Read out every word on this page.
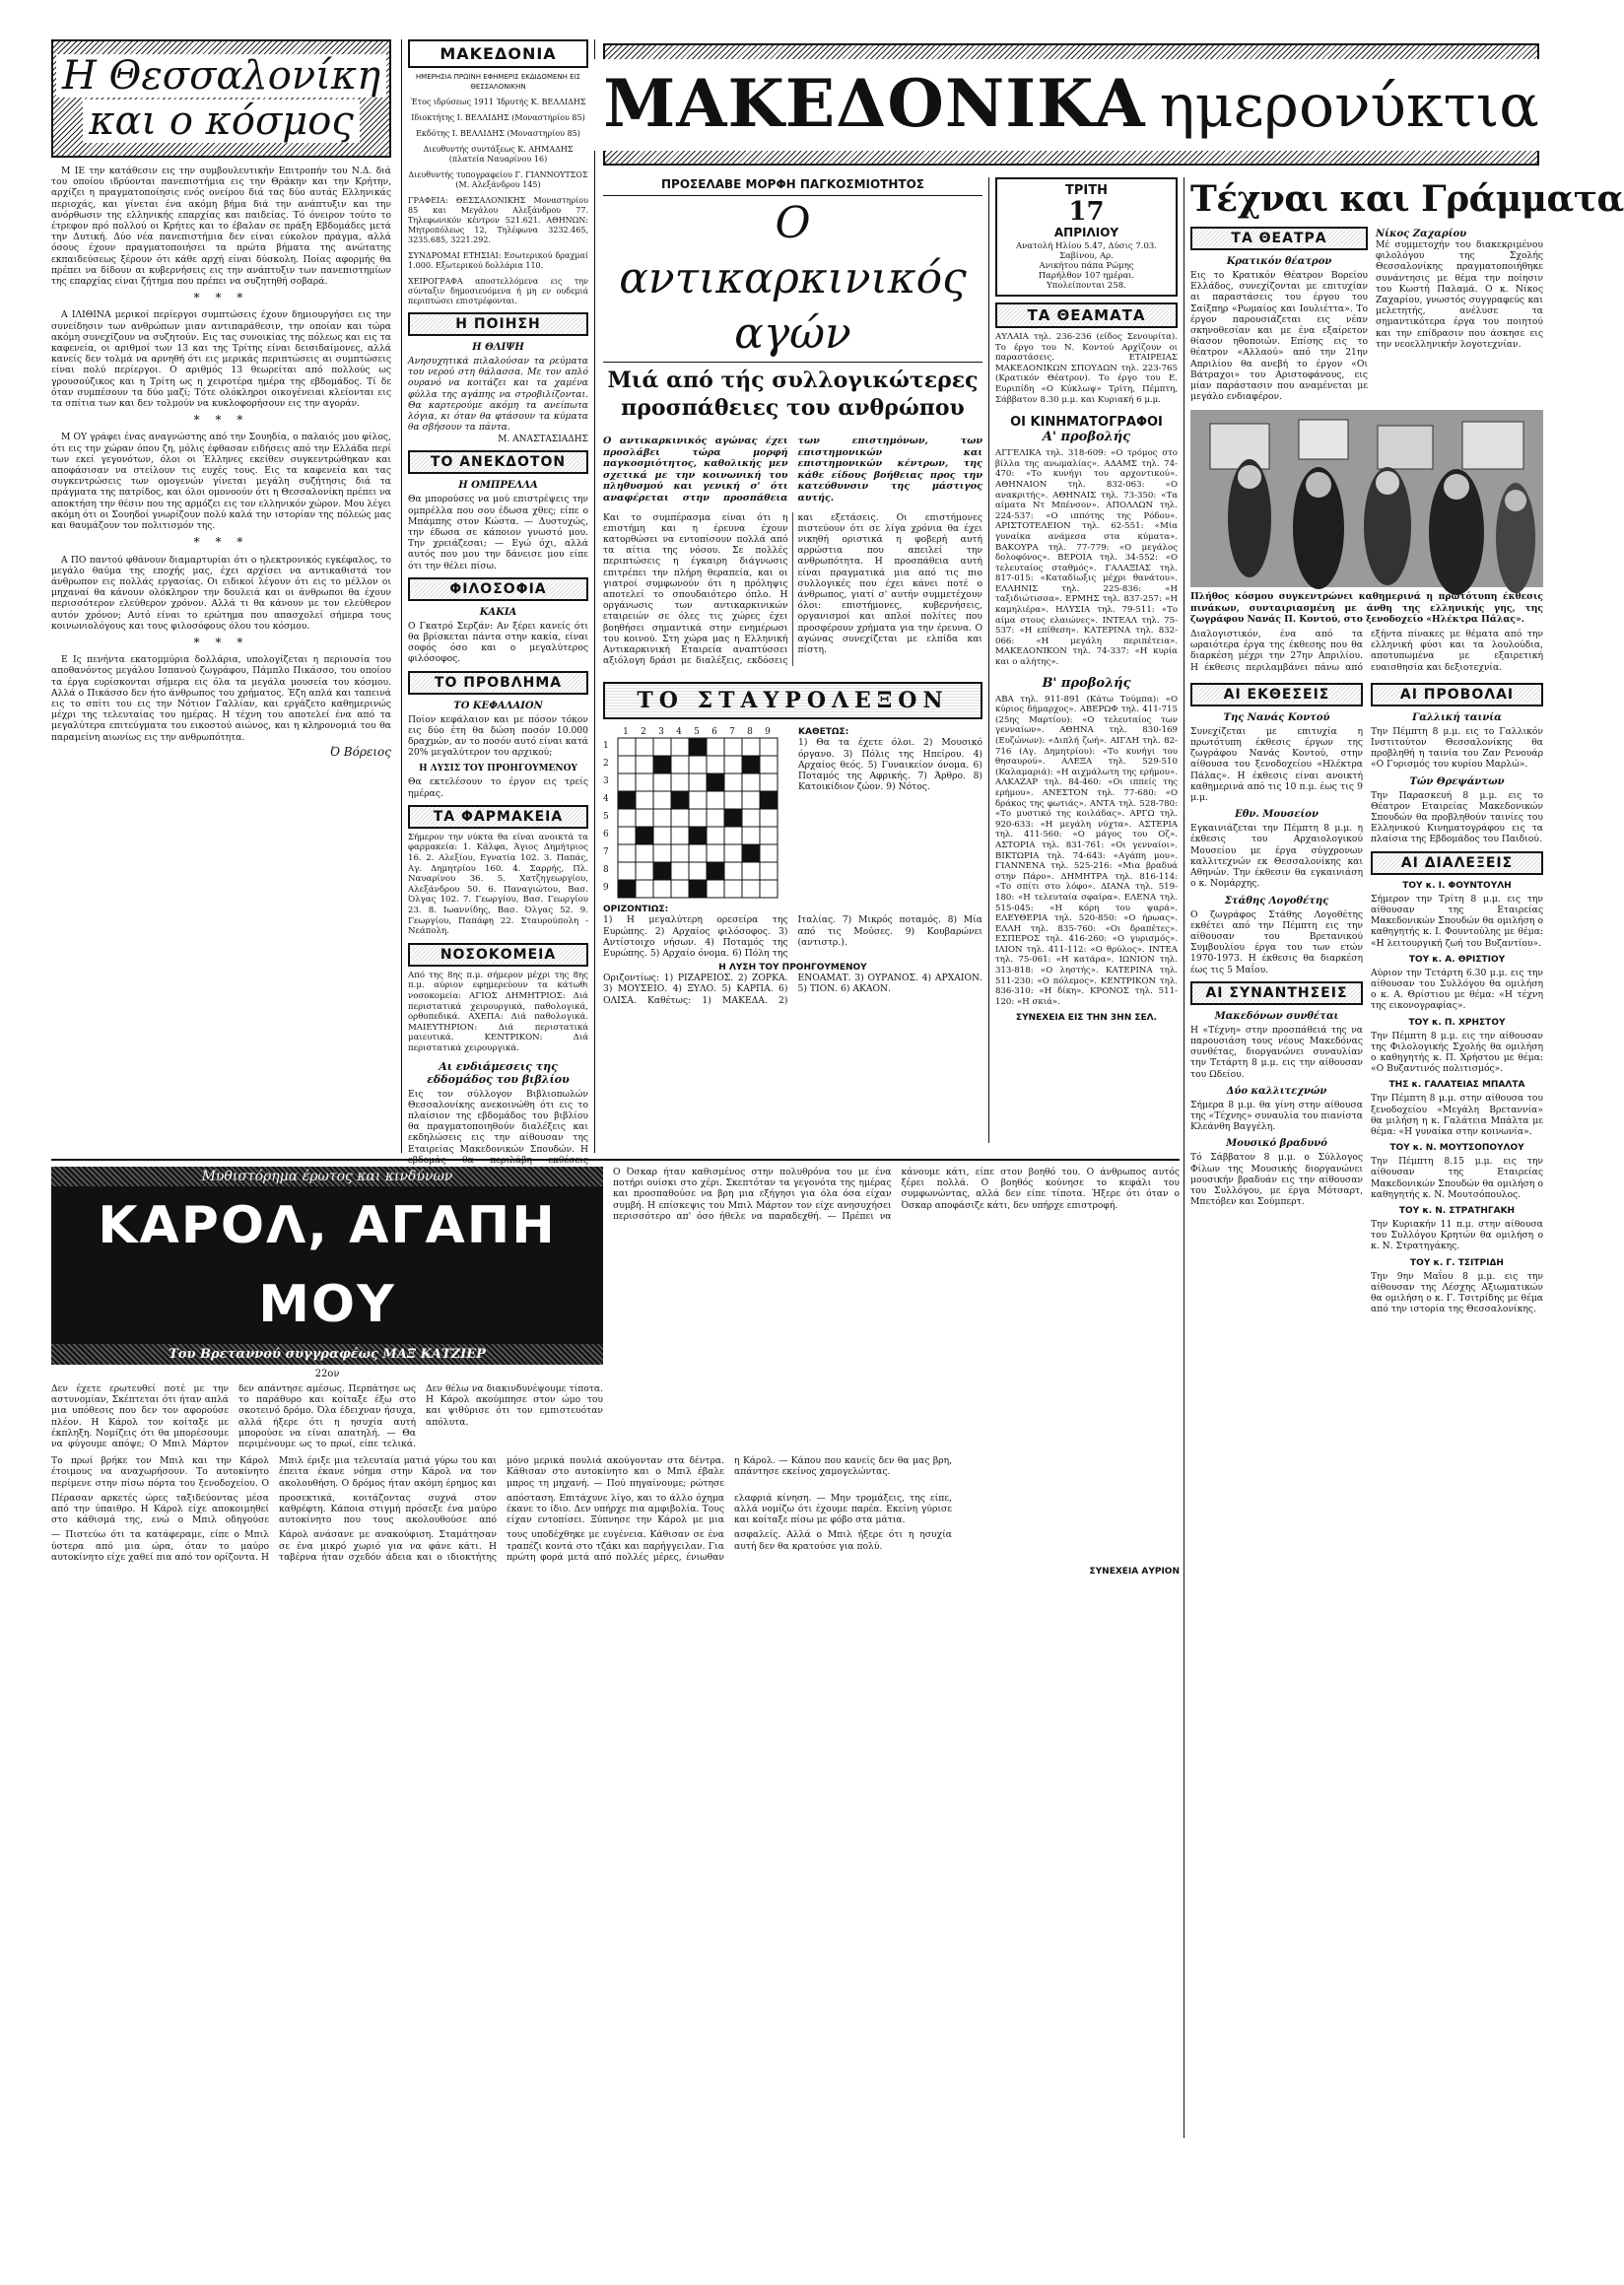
Η Θεσσαλονίκη
και ο κόσμος

Μ ΙΕ την κατάθεσιν εις την συμβουλευτικήν Επιτροπήν του Ν.Δ. διά του οποίου ιδρύονται πανεπιστήμια εις την Θράκην και την Κρήτην, αρχίζει η πραγματοποίησις ενός ονείρου διά τας δύο αυτάς Ελληνικάς περιοχάς, και γίνεται ένα ακόμη βήμα διά την ανάπτυξιν και την ανόρθωσιν της ελληνικής επαρχίας και παιδείας. Τό όνειρον τούτο το έτρεφον πρό πολλού οι Κρήτες και το έβαλαν σε πράξη Εβδομάδες μετά την Δυτική. Δύο νέα πανεπιστήμια δεν είναι εύκολον πράγμα, αλλά όσους έχουν πραγματοποιήσει τα πρώτα βήματα της ανώτατης εκπαιδεύσεως ξέρουν ότι κάθε αρχή είναι δύσκολη. Ποίας αφορμής θα πρέπει να δίδουν αι κυβερνήσεις εις την ανάπτυξιν των πανεπιστημίων της επαρχίας είναι ζήτημα που πρέπει να συζητηθή σοβαρά.

* * *

Α ΙΛΙΘΙΝΑ μερικοί περίεργοι συμπτώσεις έχουν δημιουργήσει εις την συνείδησιν των ανθρώπων μιαν αντιπαράθεσιν, την οποίαν και τώρα ακόμη συνεχίζουν να συζητούν. Εις τας συνοικίας της πόλεως και εις τα καφενεία, οι αριθμοί των 13 και της Τρίτης είναι δεισιδαίμονες, αλλά κανείς δεν τολμά να αρνηθή ότι εις μερικάς περιπτώσεις αι συμπτώσεις είναι πολύ περίεργοι. Ο αριθμός 13 θεωρείται από πολλούς ως γρουσούζικος και η Τρίτη ως η χειροτέρα ημέρα της εβδομάδος. Τί δε όταν συμπέσουν τα δύο μαζί; Τότε ολόκληροι οικογένειαι κλείονται εις τα σπίτια των και δεν τολμούν να κυκλοφορήσουν εις την αγοράν.

* * *

Μ ΟΥ γράφει ένας αναγνώστης από την Σουηδία, ο παλαιός μου φίλος, ότι εις την χώραν όπου ζη, μόλις έφθασαν ειδήσεις από την Ελλάδα περί των εκεί γεγονότων, όλοι οι Έλληνες εκείθεν συγκεντρώθηκαν και αποφάσισαν να στείλουν τις ευχές τους. Εις τα καφενεία και τας συγκεντρώσεις των ομογενών γίνεται μεγάλη συζήτησις διά τα πράγματα της πατρίδος, και όλοι ομονοούν ότι η Θεσσαλονίκη πρέπει να αποκτήση την θέσιν που της αρμόζει εις τον ελληνικόν χώρον. Μου λέγει ακόμη ότι οι Σουηδοί γνωρίζουν πολύ καλά την ιστορίαν της πόλεώς μας και θαυμάζουν τον πολιτισμόν της.

* * *

Α ΠΟ παντού φθάνουν διαμαρτυρίαι ότι ο ηλεκτρονικός εγκέφαλος, το μεγάλο θαύμα της εποχής μας, έχει αρχίσει να αντικαθιστά τον άνθρωπον εις πολλάς εργασίας. Οι ειδικοί λέγουν ότι εις το μέλλον οι μηχαναί θα κάνουν ολόκληρον την δουλειά και οι άνθρωποι θα έχουν περισσότερον ελεύθερον χρόνον. Αλλά τι θα κάνουν με τον ελεύθερον αυτόν χρόνον; Αυτό είναι το ερώτημα που απασχολεί σήμερα τους κοινωνιολόγους και τους φιλοσόφους όλου του κόσμου.

* * *

Ε Ις πενήντα εκατομμύρια δολλάρια, υπολογίζεται η περιουσία του αποθανόντος μεγάλου Ισπανού ζωγράφου, Πάμπλο Πικάσσο, του οποίου τα έργα ευρίσκονται σήμερα εις όλα τα μεγάλα μουσεία του κόσμου. Αλλά ο Πικάσσο δεν ήτο άνθρωπος του χρήματος. Έζη απλά και ταπεινά εις το σπίτι του εις την Νότιον Γαλλίαν, και εργάζετο καθημερινώς μέχρι της τελευταίας του ημέρας. Η τέχνη του αποτελεί ένα από τα μεγαλύτερα επιτεύγματα του εικοστού αιώνος, και η κληρονομιά του θα παραμείνη αιωνίως εις την ανθρωπότητα.

Ό Βόρειος
ΜΑΚΕΔΟΝΙΑ
ΗΜΕΡΗΣΙΑ ΠΡΩΙΝΗ ΕΦΗΜΕΡΙΣ ΕΚΔΙΔΟΜΕΝΗ ΕΙΣ ΘΕΣΣΑΛΟΝΙΚΗΝ
Έτος ιδρύσεως 1911 Ίδρυτής Κ. ΒΕΛΛΙΔΗΣ
Ιδιοκτήτης Ι. ΒΕΛΛΙΔΗΣ (Μοναστηρίου 85)
Εκδότης Ι. ΒΕΛΛΙΔΗΣ (Μοναστηρίου 85)
Διευθυντής συντάξεως Κ. ΑΗΜΑΔΗΣ (πλατεία Ναυαρίνου 16)
Διευθυντής τυπογραφείου Γ. ΓΙΑΝΝΟΥΤΣΟΣ (Μ. Αλεξάνδρου 145)
ΓΡΑΦΕΙΑ: ΘΕΣΣΑΛΟΝΙΚΗΣ Μοναστηρίου 85 και Μεγάλου Αλεξάνδρου 77. Τηλεφωνικόν κέντρον 521.621. ΑΘΗΝΩΝ: Μητροπόλεως 12, Τηλέφωνα 3232.465, 3235.685, 3221.292.
ΣΥΝΔΡΟΜΑΙ ΕΤΗΣΙΑΙ: Εσωτερικού δραχμαί 1.000. Εξωτερικού δολλάρια 110.
ΧΕΙΡΟΓΡΑΦΑ αποστελλόμενα εις την σύνταξιν δημοσιευόμενα ή μη εν ουδεμιά περιπτώσει επιστρέφονται.
Η ΠΟΙΗΣΗ
Η ΘΛΙΨΗ
Ανησυχητικά πιλαλούσαν τα ρεύματα του νερού στη θάλασσα. Με τον απλό ουρανό να κοιτάζει και τα χαμένα φύλλα της αγάπης να στροβιλίζονται. Θα καρτερούμε ακόμη τα ανείπωτα λόγια, κι όταν θα φτάσουν τα κύματα θα σβήσουν τα πάντα.
Μ. ΑΝΑΣΤΑΣΙΑΔΗΣ
ΤΟ ΑΝΕΚΔΟΤΟΝ
Η ΟΜΠΡΕΛΛΑ
Θα μπορούσες να μού επιστρέψεις την ομπρέλλα που σου έδωσα χθες; είπε ο Μπάμπης στον Κώστα. — Δυστυχώς, την έδωσα σε κάποιον γνωστό μου. Την χρειάζεσαι; — Εγώ όχι, αλλά αυτός που μου την δάνεισε μου είπε ότι την θέλει πίσω.
ΦΙΛΟΣΟΦΙΑ
ΚΑΚΙΑ
Ο Γκατρό Σερζάν: Αν ξέρει κανείς ότι θα βρίσκεται πάντα στην κακία, είναι σοφός όσο και ο μεγαλύτερος φιλόσοφος.
ΤΟ ΠΡΟΒΛΗΜΑ
ΤΟ ΚΕΦΑΛΑΙΟΝ
Ποίον κεφάλαιον και με πόσον τόκον εις δύο έτη θα δώση ποσόν 10.000 δραχμών, αν το ποσόν αυτό είναι κατά 20% μεγαλύτερον του αρχικού;
Η ΛΥΣΙΣ ΤΟΥ ΠΡΟΗΓΟΥΜΕΝΟΥ
Θα εκτελέσουν το έργον εις τρείς ημέρας.
ΤΑ ΦΑΡΜΑΚΕΙΑ
Σήμερον την νύκτα θα είναι ανοικτά τα φαρμακεία: 1. Κάλφα, Άγιος Δημήτριος 16. 2. Αλεξίου, Εγνατία 102. 3. Παπάς, Αγ. Δημητρίου 160. 4. Σαρρής, Πλ. Ναυαρίνου 36. 5. Χατζηγεωργίου, Αλεξάνδρου 50. 6. Παναγιώτου, Βασ. Όλγας 102. 7. Γεωργίου, Βασ. Γεωργίου 23. 8. Ιωαννίδης, Βασ. Όλγας 52. 9. Γεωργίου, Παπάφη 22. Σταυρούπολη - Νεάπολη.
ΝΟΣΟΚΟΜΕΙΑ
Από της 8ης π.μ. σήμερον μέχρι της 8ης π.μ. αύριον εφημερεύουν τα κάτωθι νοσοκομεία: ΑΓΙΟΣ ΔΗΜΗΤΡΙΟΣ: Διά περιστατικά χειρουργικά, παθολογικά, ορθοπεδικά. ΑΧΕΠΑ: Διά παθολογικά. ΜΑΙΕΥΤΗΡΙΟΝ: Διά περιστατικά μαιευτικά. ΚΕΝΤΡΙΚΟΝ: Διά περιστατικά χειρουργικά.
Αι ενδιάμεσεις της εδδομάδος του βιβλίου
Εις τον σύλλογον Βιβλιοπωλών Θεσσαλονίκης ανεκοινώθη ότι εις το πλαίσιον της εβδομάδος του βιβλίου θα πραγματοποιηθούν διαλέξεις και εκδηλώσεις εις την αίθουσαν της Εταιρείας Μακεδονικών Σπουδών. Η
ΜΑΚΕΔΟΝΙΚΑ ημερονύκτια
ΠΡΟΣΕΛΑΒΕ ΜΟΡΦΗ ΠΑΓΚΟΣΜΙΟΤΗΤΟΣ
Ο αντικαρκινικός αγών
Μιά από τής συλλογικώτερες
προσπάθειες του ανθρώπου
Ο αντικαρκινικός αγώνας έχει προσλάβει τώρα μορφή παγκοσμιότητος, καθολικής μεν σχετικά με την κοινωνική του πληθυσμού και γενική σ' ότι αναφέρεται στην προσπάθεια των επιστημόνων, των επιστημονικών και επιστημονικών κέντρων, της κάθε είδους βοήθειας προς την κατεύθυνσιν της μάστιγος αυτής.
Και το συμπέρασμα είναι ότι η επιστήμη και η έρευνα έχουν κατορθώσει να εντοπίσουν πολλά από τα αίτια της νόσου. Σε πολλές περιπτώσεις η έγκαιρη διάγνωσις επιτρέπει την πλήρη θεραπεία, και οι γιατροί συμφωνούν ότι η πρόληψις αποτελεί το σπουδαιότερο όπλο. Η οργάνωσις των αντικαρκινικών εταιρειών σε όλες τις χώρες έχει βοηθήσει σημαντικά στην ενημέρωσι του κοινού. Στη χώρα μας η Ελληνική Αντικαρκινική Εταιρεία αναπτύσσει αξιόλογη δράσι με διαλέξεις, εκδόσεις και εξετάσεις. Οι επιστήμονες πιστεύουν ότι σε λίγα χρόνια θα έχει νικηθή οριστικά η φοβερή αυτή αρρώστια που απειλεί την ανθρωπότητα. Η προσπάθεια αυτή είναι πραγματικά μια από τις πιο συλλογικές που έχει κάνει ποτέ ο άνθρωπος, γιατί σ' αυτήν συμμετέχουν όλοι: επιστήμονες, κυβερνήσεις, οργανισμοί και απλοί πολίτες που προσφέρουν χρήματα για την έρευνα. Ο αγώνας συνεχίζεται με ελπίδα και πίστη.
ΤΟ ΣΤΑΥΡΟΛΕΞΟΝ
1	2	3	4	5	6	7	8	9
1
2
3
4
5
6
7
8
9
ΚΑΘΕΤΩΣ:
1) Θα τα έχετε όλοι. 2) Μουσικό όργανο. 3) Πόλις της Ηπείρου. 4) Αρχαίος θεός. 5) Γυναικείον όνομα. 6) Ποταμός της Αφρικής. 7) Άρθρο. 8) Κατοικίδιον ζώον. 9) Νότος.
ΟΡΙΖΟΝΤΙΩΣ:
1) Η μεγαλύτερη ορεσείρα της Ευρώπης. 2) Αρχαίος φιλόσοφος. 3) Αντίστοιχο νήσων. 4) Ποταμός της Ευρώπης. 5) Αρχαίο όνομα. 6) Πόλη της Ιταλίας. 7) Μικρός ποταμός. 8) Μία από τις Μούσες. 9) Κουβαρώνει (αντιστρ.).
Η ΛΥΣΗ ΤΟΥ ΠΡΟΗΓΟΥΜΕΝΟΥ
Οριζοντίως: 1) ΡΙΖΑΡΕΙΟΣ. 2) ΖΟΡΚΑ. 3) ΜΟΥΣΕΙΟ. 4) ΞΥΛΟ. 5) ΚΑΡΠΑ. 6) ΟΛΙΣΑ. Καθέτως: 1) ΜΑΚΕΔΑ. 2) ΕΝΟΑΜΑΤ. 3) ΟΥΡΑΝΟΣ. 4) ΑΡΧΑΙΟΝ. 5) ΤΙΟΝ. 6) ΑΚΑΟΝ.
ΤΡΙΤΗ
17
ΑΠΡΙΛΙΟΥ
Ανατολή Ηλίου 5.47, Δύσις 7.03.
Σαβίνου, Αρ.
Ανικήτου πάπα Ρώμης
Παρήλθον 107 ημέραι.
Υπολείπονται 258.
ΤΑ ΘΕΑΜΑΤΑ
ΑΥΛΑΙΑ τηλ. 236-236 (είδος Σενουρίτα). Το έργο του Ν. Κοντού Αρχίζουν οι παραστάσεις. ΕΤΑΙΡΕΙΑΣ ΜΑΚΕΔΟΝΙΚΩΝ ΣΠΟΥΔΩΝ τηλ. 223-765 (Κρατικόν Θέατρον). Το έργο του Ε. Ευριπίδη «Ο Κύκλωψ» Τρίτη, Πέμπτη, Σάββατον 8.30 μ.μ. και Κυριακή 6 μ.μ.
ΟΙ ΚΙΝΗΜΑΤΟΓΡΑΦΟΙ
Α' προβολής
ΑΓΓΕΛΙΚΑ τηλ. 318-609: «Ο τρόμος στο βίλλα της ανωμαλίας». ΑΔΑΜΣ τηλ. 74-470: «Το κυνήγι του αρχοντικού». ΑΘΗΝΑΙΟΝ τηλ. 832-063: «Ο ανακριτής». ΑΘΗΝΑΙΣ τηλ. 73-350: «Τα αίματα Ντ Μπένσον». ΑΠΟΛΛΩΝ τηλ. 224-537: «Ο ιππότης της Ρόδου». ΑΡΙΣΤΟΤΕΛΕΙΟΝ τηλ. 62-551: «Μία γυναίκα ανάμεσα στα κύματα». ΒΑΚΟΥΡΑ τηλ. 77-779: «Ο μεγάλος δολοφόνος». ΒΕΡΟΙΑ τηλ. 34-552: «Ο τελευταίος σταθμός». ΓΑΛΑΞΙΑΣ τηλ. 817-015: «Καταδίωξις μέχρι θανάτου». ΕΛΛΗΝΙΣ τηλ. 225-836: «Η ταξιδιώτισσα». ΕΡΜΗΣ τηλ. 837-257: «Η καμηλιέρα». ΗΛΥΣΙΑ τηλ. 79-511: «Το αίμα στους ελαιώνες». ΙΝΤΕΑΛ τηλ. 75-537: «Η επίθεση». ΚΑΤΕΡΙΝΑ τηλ. 832-066: «Η μεγάλη περιπέτεια». ΜΑΚΕΔΟΝΙΚΟΝ τηλ. 74-337: «Η κυρία και ο αλήτης».
Β' προβολής
ΑΒΑ τηλ. 911-891 (Κάτω Τούμπα): «Ο κύριος δήμαρχος». ΑΒΕΡΩΦ τηλ. 411-715 (25ης Μαρτίου): «Ο τελευταίος των γενναίων». ΑΘΗΝΑ τηλ. 830-169 (Ευζώνων): «Διπλή ζωή». ΑΙΓΛΗ τηλ. 82-716 (Αγ. Δημητρίου): «Το κυνήγι του θησαυρού». ΑΛΕΞΑ τηλ. 529-510 (Καλαμαριά): «Η αιχμάλωτη της ερήμου». ΑΛΚΑΖΑΡ τηλ. 84-460: «Οι ιππείς της ερήμου». ΑΝΕΣΤΟΝ τηλ. 77-680: «Ο δράκος της φωτιάς». ΑΝΤΑ τηλ. 528-780: «Το μυστικό της κοιλάδας». ΑΡΓΩ τηλ. 920-633: «Η μεγάλη νύχτα». ΑΣΤΕΡΙΑ τηλ. 411-560: «Ο μάγος του Οζ». ΑΣΤΟΡΙΑ τηλ. 831-761: «Οι γενναίοι». ΒΙΚΤΩΡΙΑ τηλ. 74-643: «Αγάπη μου». ΓΙΑΝΝΕΝΑ τηλ. 525-216: «Μια βραδυά στην Πάρο». ΔΗΜΗΤΡΑ τηλ. 816-114: «Το σπίτι στο λόφο». ΔΙΑΝΑ τηλ. 519-180: «Η τελευταία σφαίρα». ΕΛΕΝΑ τηλ. 515-045: «Η κόρη του ψαρά». ΕΛΕΥΘΕΡΙΑ τηλ. 520-850: «Ο ήρωας». ΕΛΛΗ τηλ. 835-760: «Οι δραπέτες». ΕΣΠΕΡΟΣ τηλ. 416-260: «Ο γυρισμός». ΙΛΙΟΝ τηλ. 411-112: «Ο θρύλος». ΙΝΤΕΑ τηλ. 75-061: «Η κατάρα». ΙΩΝΙΟΝ τηλ. 313-818: «Ο ληστής». ΚΑΤΕΡΙΝΑ τηλ. 511-230: «Ο πόλεμος». ΚΕΝΤΡΙΚΟΝ τηλ. 836-310: «Η δίκη». ΚΡΟΝΟΣ τηλ. 511-120: «Η σκιά».
ΣΥΝΕΧΕΙΑ ΕΙΣ ΤΗΝ 3ΗΝ ΣΕΛ.
Τέχναι και Γράμματα
ΤΑ ΘΕΑΤΡΑ
Κρατικόν θέατρον
Εις το Κρατικόν Θέατρον Βορείου Ελλάδος, συνεχίζονται με επιτυχίαν αι παραστάσεις του έργου του Σαίξπηρ «Ρωμαίος και Ιουλιέττα». Το έργον παρουσιάζεται εις νέαν σκηνοθεσίαν και με ένα εξαίρετον θίασον ηθοποιών. Επίσης εις το θέατρον «Αλλαού» από την 21ην Απριλίου θα ανεβή το έργον «Οι Βάτραχοι» του Αριστοφάνους, εις μίαν παράστασιν που αναμένεται με μεγάλο ενδιαφέρον.
Νίκος Ζαχαρίου
Μέ συμμετοχήν του διακεκριμένου φιλολόγου της Σχολής Θεσσαλονίκης πραγματοποιήθηκε συνάντησις με θέμα την ποίησιν του Κωστή Παλαμά. Ο κ. Νίκος Ζαχαρίου, γνωστός συγγραφεύς και μελετητής, ανέλυσε τα σημαντικότερα έργα του ποιητού και την επίδρασιν που άσκησε εις την νεοελληνικήν λογοτεχνίαν.
Πλήθος κόσμου συγκεντρώνει καθημερινά η πρωτότυπη έκθεσις πινάκων, συνταιριασμένη με άνθη της ελληνικής γης, της ζωγράφου Νανάς Π. Κοντού, στο ξενοδοχείο «Ηλέκτρα Πάλας».
Διαλογιστικόν, ένα από τα ωραιότερα έργα της έκθεσης που θα διαρκέση μέχρι την 27ην Απριλίου. Η έκθεσις περιλαμβάνει πάνω από εξήντα πίνακες με θέματα από την ελληνική φύσι και τα λουλούδια, αποτυπωμένα με εξαιρετική ευαισθησία και δεξιοτεχνία.
ΑΙ ΕΚΘΕΣΕΙΣ
Της Νανάς Κοντού
Συνεχίζεται με επιτυχία η πρωτότυπη έκθεσις έργων της ζωγράφου Νανάς Κοντού, στην αίθουσα του ξενοδοχείου «Ηλέκτρα Πάλας». Η έκθεσις είναι ανοικτή καθημερινά από τις 10 π.μ. έως τις 9 μ.μ.
Εθν. Μουσείον
Εγκαινιάζεται την Πέμπτη 8 μ.μ. η έκθεσις του Αρχαιολογικού Μουσείου με έργα σύγχρονων καλλιτεχνών εκ Θεσσαλονίκης και Αθηνών. Την έκθεσιν θα εγκαινιάση ο κ. Νομάρχης.
Στάθης Λογοθέτης
Ο ζωγράφος Στάθης Λογοθέτης εκθέτει από την Πέμπτη εις την αίθουσαν του Βρετανικού Συμβουλίου έργα του των ετών 1970-1973. Η έκθεσις θα διαρκέση έως τις 5 Μαΐου.
ΑΙ ΣΥΝΑΝΤΗΣΕΙΣ
Μακεδόνων συνθέται
Η «Τέχνη» στην προσπάθειά της να παρουσιάση τους νέους Μακεδόνας συνθέτας, διοργανώνει συναυλίαν την Τετάρτη 8 μ.μ. εις την αίθουσαν του Ωδείου.
Δύο καλλιτεχνών
Σήμερα 8 μ.μ. θα γίνη στην αίθουσα της «Τέχνης» συναυλία του πιανίστα Κλεάνθη Βαγγέλη.
Μουσικό βραδυνό
Τό Σάββατον 8 μ.μ. ο Σύλλογος Φίλων της Μουσικής διοργανώνει μουσικήν βραδυάν εις την αίθουσαν του Συλλόγου, με έργα Μότσαρτ, Μπετόβεν και Σούμπερτ.
ΑΙ ΠΡΟΒΟΛΑΙ
Γαλλική ταινία
Την Πέμπτη 8 μ.μ. εις το Γαλλικόν Ινστιτούτον Θεσσαλονίκης θα προβληθή η ταινία του Ζαν Ρενουάρ «Ο Γυρισμός του κυρίου Μαρλώ».
Τών Θρεψάντων
Την Παρασκευή 8 μ.μ. εις το Θέατρον Εταιρείας Μακεδονικών Σπουδών θα προβληθούν ταινίες του Ελληνικού Κινηματογράφου εις τα πλαίσια της Εβδομάδος του Παιδιού.
ΑΙ ΔΙΑΛΕΞΕΙΣ
ΤΟΥ κ. Ι. ΦΟΥΝΤΟΥΛΗ
Σήμερον την Τρίτη 8 μ.μ. εις την αίθουσαν της Εταιρείας Μακεδονικών Σπουδών θα ομιλήση ο καθηγητής κ. Ι. Φουντούλης με θέμα: «Η λειτουργική ζωή του Βυζαντίου».
ΤΟΥ κ. Α. ΘΡΙΣΤΙΟΥ
Αύριον την Τετάρτη 6.30 μ.μ. εις την αίθουσαν του Συλλόγου θα ομιλήση ο κ. Α. Θρίστιου με θέμα: «Η τέχνη της εικονογραφίας».
ΤΟΥ κ. Π. ΧΡΗΣΤΟΥ
Την Πέμπτη 8 μ.μ. εις την αίθουσαν της Φιλολογικής Σχολής θα ομιλήση ο καθηγητής κ. Π. Χρήστου με θέμα: «Ο Βυζαντινός πολιτισμός».
ΤΗΣ κ. ΓΑΛΑΤΕΙΑΣ ΜΠΑΛΤΑ
Την Πέμπτη 8 μ.μ. στην αίθουσα του ξενοδοχείου «Μεγάλη Βρεταννία» θα μιλήση η κ. Γαλάτεια Μπάλτα με θέμα: «Η γυναίκα στην κοινωνία».
ΤΟΥ κ. Ν. ΜΟΥΤΣΟΠΟΥΛΟΥ
Την Πέμπτη 8.15 μ.μ. εις την αίθουσαν της Εταιρείας Μακεδονικών Σπουδών θα ομιλήση ο καθηγητής κ. Ν. Μουτσόπουλος.
ΤΟΥ κ. Ν. ΣΤΡΑΤΗΓΑΚΗ
Την Κυριακήν 11 π.μ. στην αίθουσα του Συλλόγου Κρητών θα ομιλήση ο κ. Ν. Στρατηγάκης.
ΤΟΥ κ. Γ. ΤΣΙΤΡΙΔΗ
Την 9ην Μαΐου 8 μ.μ. εις την αίθουσαν της Λέσχης Αξιωματικών θα ομιλήση ο κ. Γ. Τσιτρίδης με θέμα από την ιστορία της Θεσσαλονίκης.
Μυθιστόρημα έρωτος και κινδύνων
ΚΑΡΟΛ, ΑΓΑΠΗ ΜΟΥ
Του Βρεταννού συγγραφέως ΜΑΞ ΚΑΤΖΙΕΡ
22ον
Δεν έχετε ερωτευθεί ποτέ με την αστυνομίαν, Σκέπτεται ότι ήταν απλά μια υπόθεσις που δεν τον αφορούσε πλέον. Η Κάρολ τον κοίταξε με έκπληξη. Νομίζεις ότι θα μπορέσουμε να φύγουμε απόψε; Ο Μπιλ Μάρτον δεν απάντησε αμέσως. Περπάτησε ως το παράθυρο και κοίταξε έξω στο σκοτεινό δρόμο. Όλα έδειχναν ήσυχα, αλλά ήξερε ότι η ησυχία αυτή μπορούσε να είναι απατηλή. — Θα περιμένουμε ως το πρωί, είπε τελικά. Δεν θέλω να διακινδυνέψουμε τίποτα. Η Κάρολ ακούμπησε στον ώμο του και ψιθύρισε ότι τον εμπιστευόταν απόλυτα.
Ο Όσκαρ ήταν καθισμένος στην πολυθρόνα του με ένα ποτήρι ουίσκι στο χέρι. Σκεπτόταν τα γεγονότα της ημέρας και προσπαθούσε να βρη μια εξήγησι για όλα όσα είχαν συμβή. Η επίσκεψις του Μπιλ Μάρτον τον είχε ανησυχήσει περισσότερο απ' όσο ήθελε να παραδεχθή. — Πρέπει να κάνουμε κάτι, είπε στον βοηθό του. Ο άνθρωπος αυτός ξέρει πολλά. Ο βοηθός κούνησε το κεφάλι του συμφωνώντας, αλλά δεν είπε τίποτα. Ήξερε ότι όταν ο Όσκαρ αποφάσιζε κάτι, δεν υπήρχε επιστροφή.
Το πρωί βρήκε τον Μπιλ και την Κάρολ έτοιμους να αναχωρήσουν. Το αυτοκίνητο περίμενε στην πίσω πόρτα του ξενοδοχείου. Ο Μπιλ έριξε μια τελευταία ματιά γύρω του και έπειτα έκανε νόημα στην Κάρολ να τον ακολουθήση. Ο δρόμος ήταν ακόμη έρημος και μόνο μερικά πουλιά ακούγονταν στα δέντρα. Κάθισαν στο αυτοκίνητο και ο Μπιλ έβαλε μπρος τη μηχανή. — Πού πηγαίνουμε; ρώτησε η Κάρολ. — Κάπου που κανείς δεν θα μας βρη, απάντησε εκείνος χαμογελώντας.
Πέρασαν αρκετές ώρες ταξιδεύοντας μέσα από την ύπαιθρο. Η Κάρολ είχε αποκοιμηθεί στο κάθισμά της, ενώ ο Μπιλ οδηγούσε προσεκτικά, κοιτάζοντας συχνά στον καθρέφτη. Κάποια στιγμή πρόσεξε ένα μαύρο αυτοκίνητο που τους ακολουθούσε από απόσταση. Επιτάχυνε λίγο, και το άλλο όχημα έκανε το ίδιο. Δεν υπήρχε πια αμφιβολία. Τους είχαν εντοπίσει. Ξύπνησε την Κάρολ με μια ελαφριά κίνηση. — Μην τρομάξεις, της είπε, αλλά νομίζω ότι έχουμε παρέα. Εκείνη γύρισε και κοίταξε πίσω με φόβο στα μάτια.
— Πιστεύω ότι τα κατάφεραμε, είπε ο Μπιλ ύστερα από μια ώρα, όταν το μαύρο αυτοκίνητο είχε χαθεί πια από τον ορίζοντα. Η Κάρολ ανάσανε με ανακούφιση. Σταμάτησαν σε ένα μικρό χωριό για να φάνε κάτι. Η ταβέρνα ήταν σχεδόν άδεια και ο ιδιοκτήτης τους υποδέχθηκε με ευγένεια. Κάθισαν σε ένα τραπέζι κοντά στο τζάκι και παρήγγειλαν. Για πρώτη φορά μετά από πολλές μέρες, ένιωθαν ασφαλείς. Αλλά ο Μπιλ ήξερε ότι η ησυχία αυτή δεν θα κρατούσε για πολύ.
ΣΥΝΕΧΕΙΑ ΑΥΡΙΟΝ
